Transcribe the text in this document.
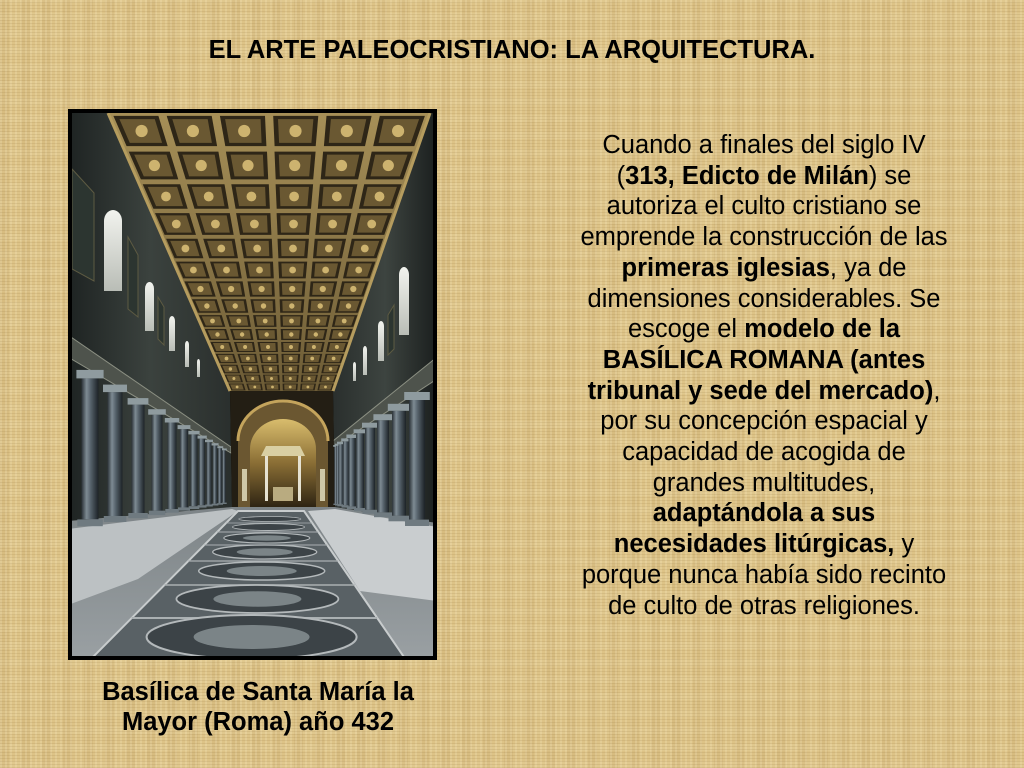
EL ARTE PALEOCRISTIANO: LA ARQUITECTURA.
Basílica de Santa María la
Mayor (Roma) año 432
Cuando a finales del siglo IV
(313, Edicto de Milán) se
autoriza el culto cristiano se
emprende la construcción de las
primeras iglesias, ya de
dimensiones considerables. Se
escoge el modelo de la
BASÍLICA ROMANA (antes
tribunal y sede del mercado),
por su concepción espacial y
capacidad de acogida de
grandes multitudes,
adaptándola a sus
necesidades litúrgicas, y
porque nunca había sido recinto
de culto de otras religiones.
